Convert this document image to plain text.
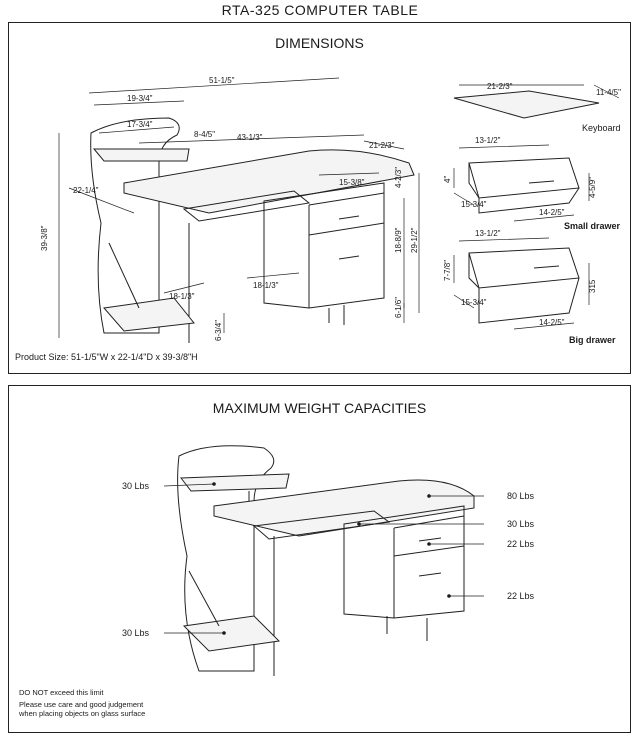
RTA-325 COMPUTER TABLE
DIMENSIONS
51-1/5"
19-3/4"
17-3/4"
8-4/5"	43-1/3"
21-2/3"
22-1/4"
39-3/8"
15-3/8"	4-2/3"
18-8/9" 29-1/2"
6-1/6"
18-1/3"
18-1/3"
6-3/4"
21-2/3"
11-4/5"
Keyboard
13-1/2"
4"
15-3/4"
14-2/5"
4-5/9"
Small drawer
13-1/2"
7-7/8"
15-3/4"
14-2/5"
315
Big drawer
Product Size: 51-1/5"W x 22-1/4"D x 39-3/8"H
MAXIMUM WEIGHT CAPACITIES
30 Lbs
80 Lbs
30 Lbs
22 Lbs
22 Lbs
30 Lbs
DO NOT exceed this limit
Please use care and good judgement
when placing objects on glass surface
